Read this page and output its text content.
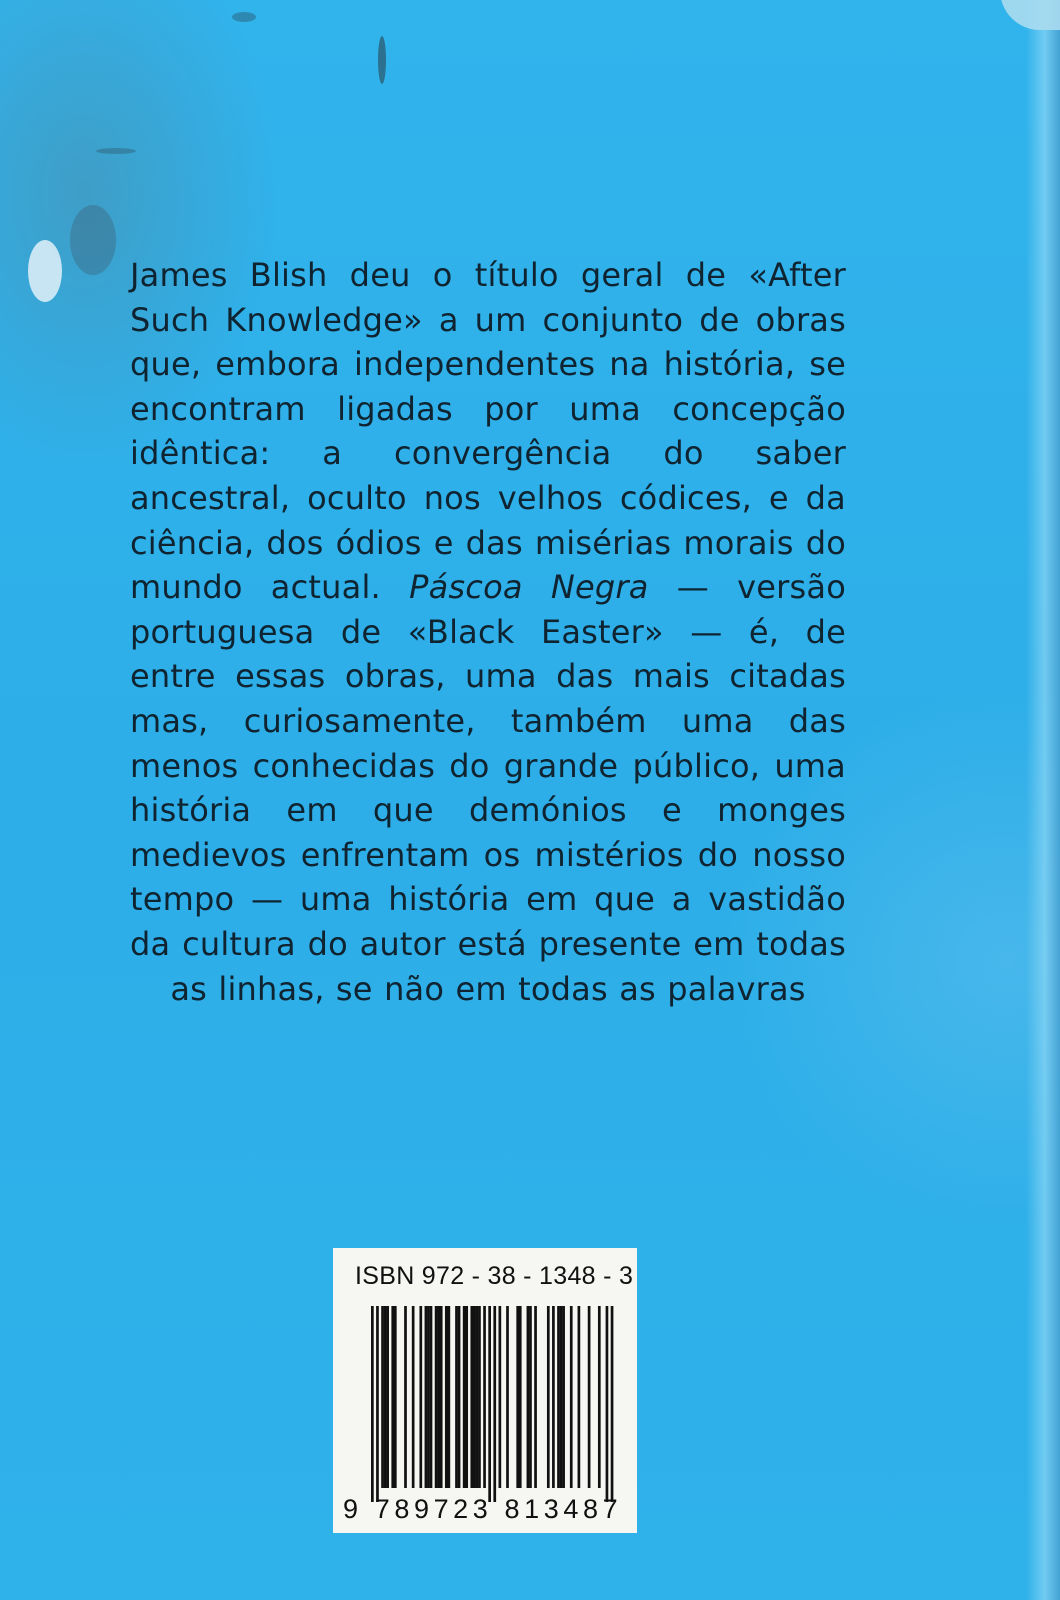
James Blish deu o título geral de «After Such Knowledge» a um conjunto de obras que, embora independentes na história, se encontram ligadas por uma concepção idêntica: a convergência do saber ancestral, oculto nos velhos códices, e da ciência, dos ódios e das misérias morais do mundo actual. Páscoa Negra — versão portuguesa de «Black Easter» — é, de entre essas obras, uma das mais citadas mas, curiosamente, também uma das menos conhecidas do grande público, uma história em que demónios e monges medievos enfrentam os mistérios do nosso tempo — uma história em que a vastidão da cultura do autor está presente em todas as linhas, se não em todas as palavras

ISBN 972 - 38 - 1348 - 3
9 789723 813487
